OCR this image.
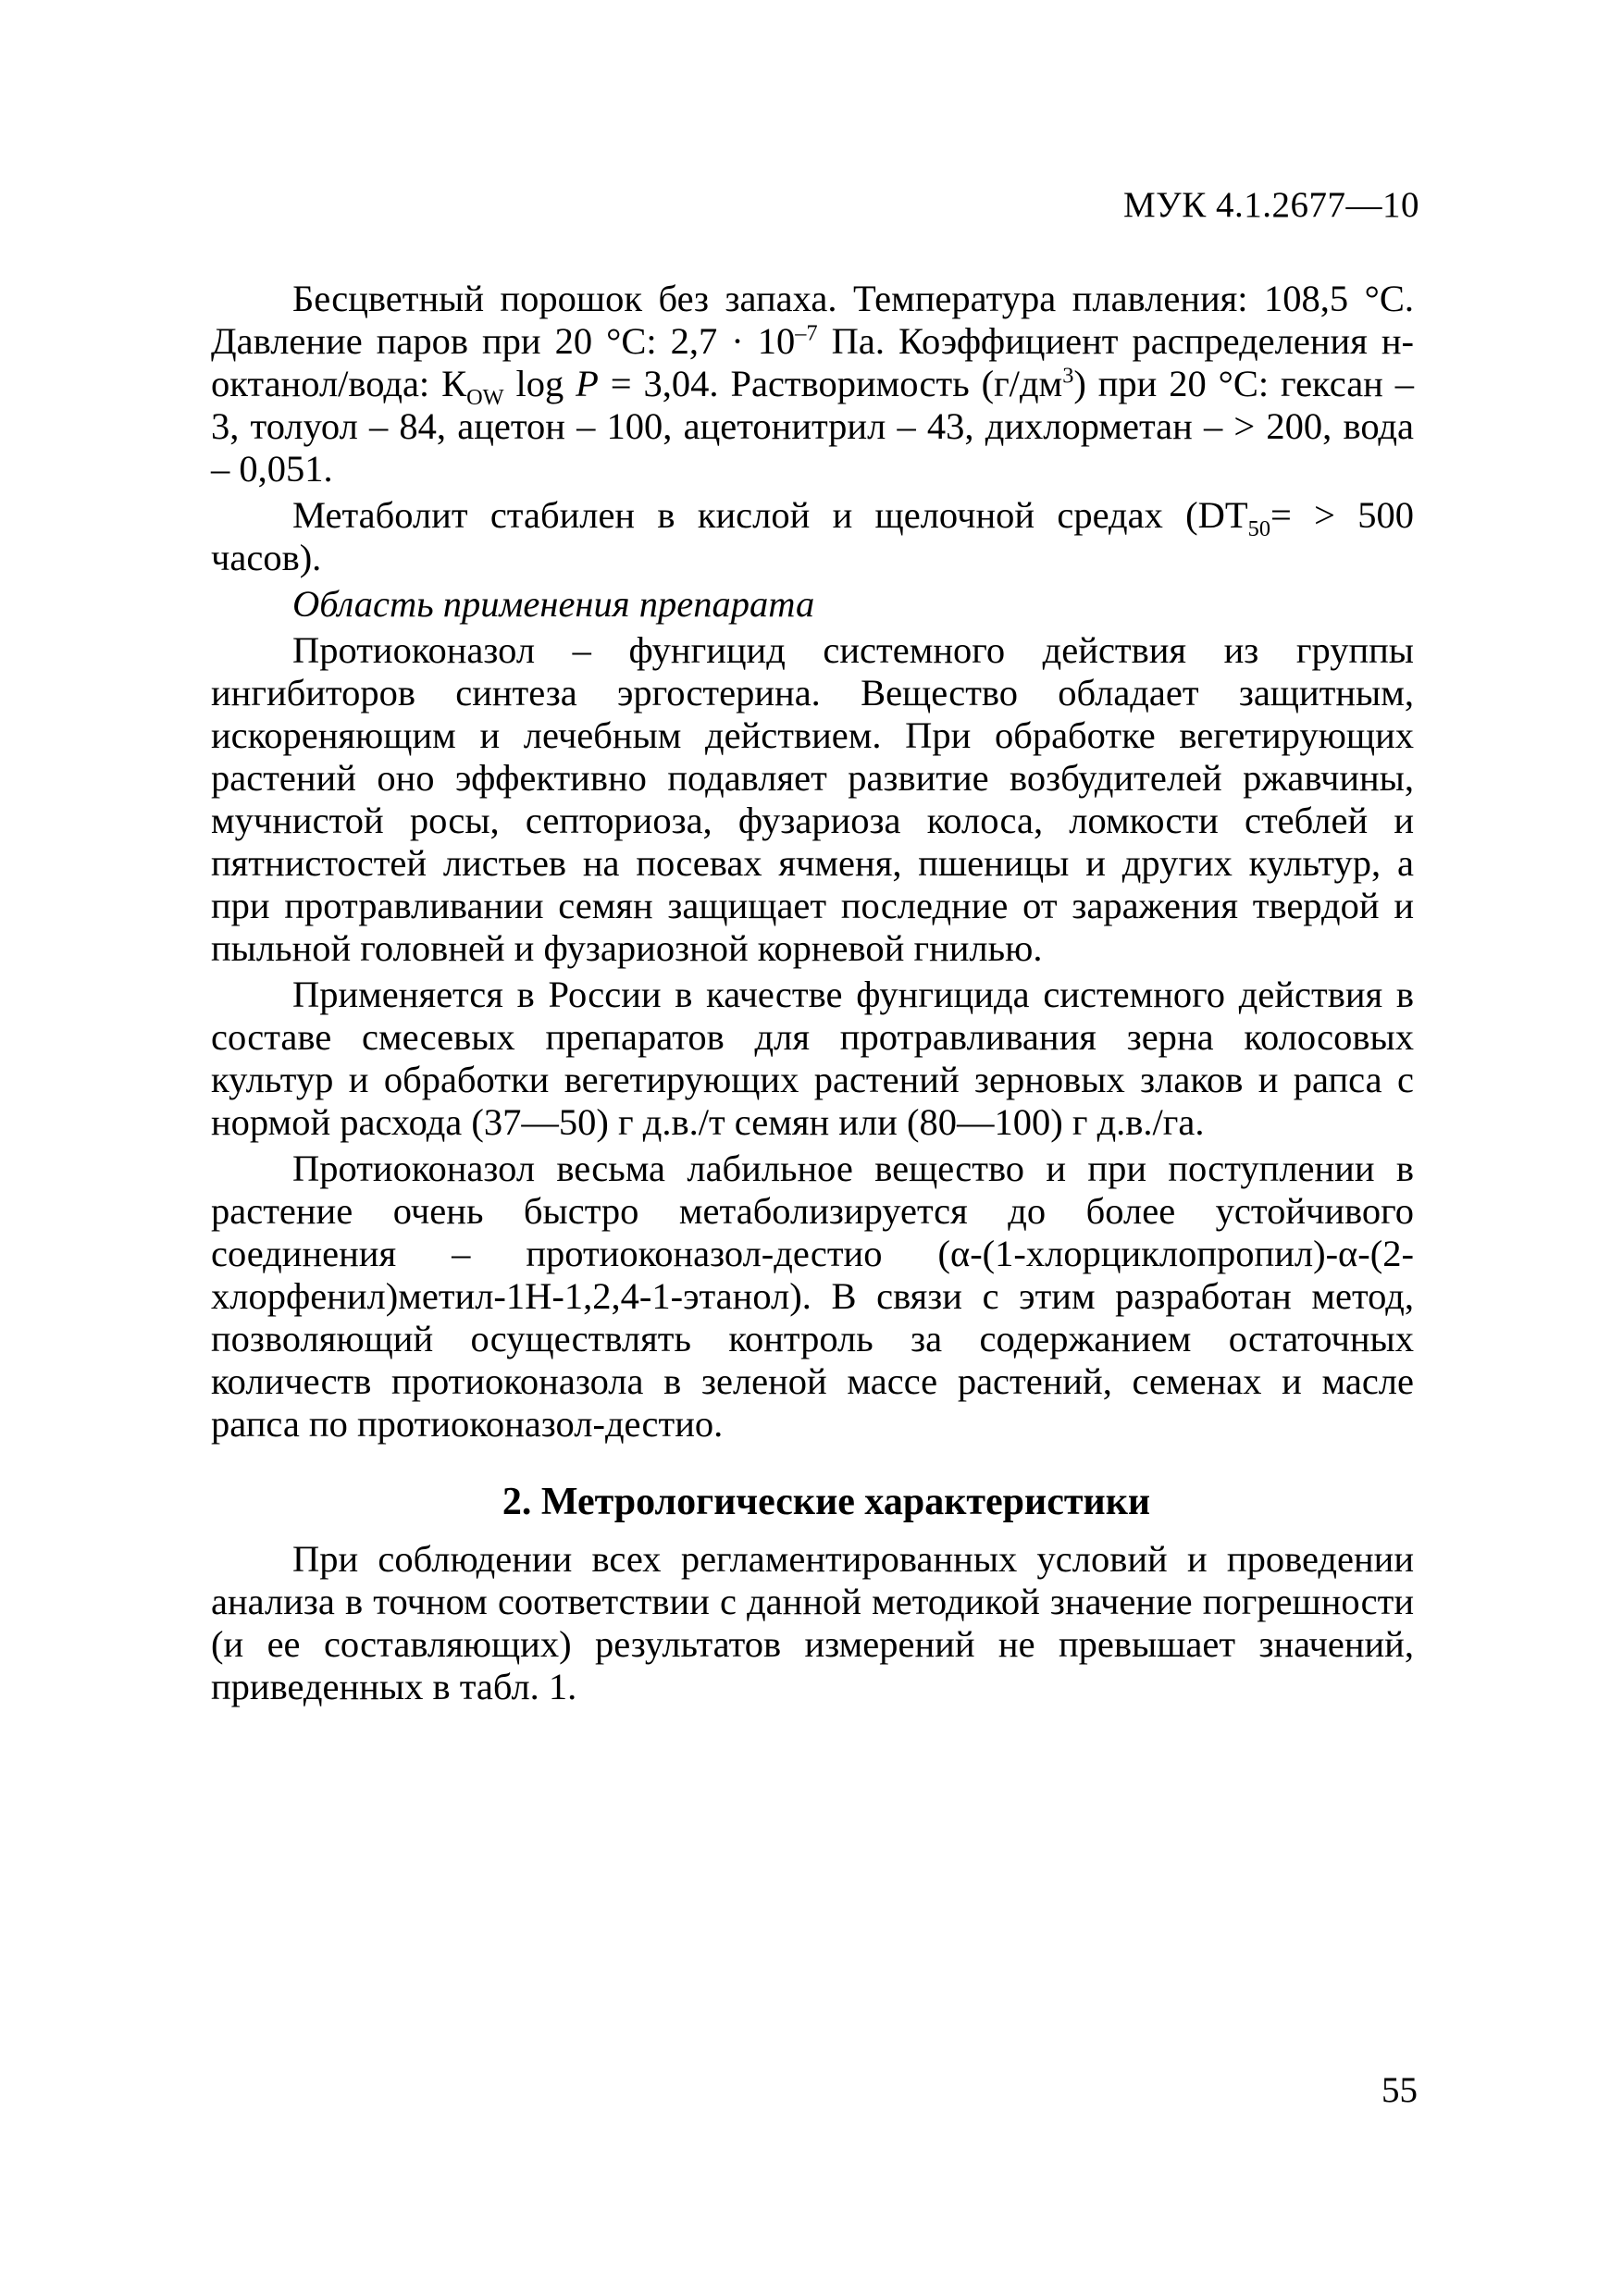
МУК 4.1.2677—10

Бесцветный порошок без запаха. Температура плавления: 108,5 °С. Давление паров при 20 °С: $2,7 \cdot 10^{-7}$ Па. Коэффициент распределения н-октанол/вода: $К_{OW}$ log P = 3,04. Растворимость $(г/дм^3)$ при 20 °С: гексан – 3, толуол – 84, ацетон – 100, ацетонитрил – 43, дихлорметан – > 200, вода – 0,051.

Метаболит стабилен в кислой и щелочной средах ($DT_{50}= > 500$ часов).

Область применения препарата

Протиоконазол – фунгицид системного действия из группы ингибиторов синтеза эргостерина. Вещество обладает защитным, искореняющим и лечебным действием. При обработке вегетирующих растений оно эффективно подавляет развитие возбудителей ржавчины, мучнистой росы, септориоза, фузариоза колоса, ломкости стеблей и пятнистостей листьев на посевах ячменя, пшеницы и других культур, а при протравливании семян защищает последние от заражения твердой и пыльной головней и фузариозной корневой гнилью.

Применяется в России в качестве фунгицида системного действия в составе смесевых препаратов для протравливания зерна колосовых культур и обработки вегетирующих растений зерновых злаков и рапса с нормой расхода (37—50) г д.в./т семян или (80—100) г д.в./га.

Протиоконазол весьма лабильное вещество и при поступлении в растение очень быстро метаболизируется до более устойчивого соединения – протиоконазол-дестио (α-(1-хлорциклопропил)-α-(2-хлорфенил)метил-1Н-1,2,4-1-этанол). В связи с этим разработан метод, позволяющий осуществлять контроль за содержанием остаточных количеств протиоконазола в зеленой массе растений, семенах и масле рапса по протиоконазол-дестио.

2. Метрологические характеристики

При соблюдении всех регламентированных условий и проведении анализа в точном соответствии с данной методикой значение погрешности (и ее составляющих) результатов измерений не превышает значений, приведенных в табл. 1.

55
